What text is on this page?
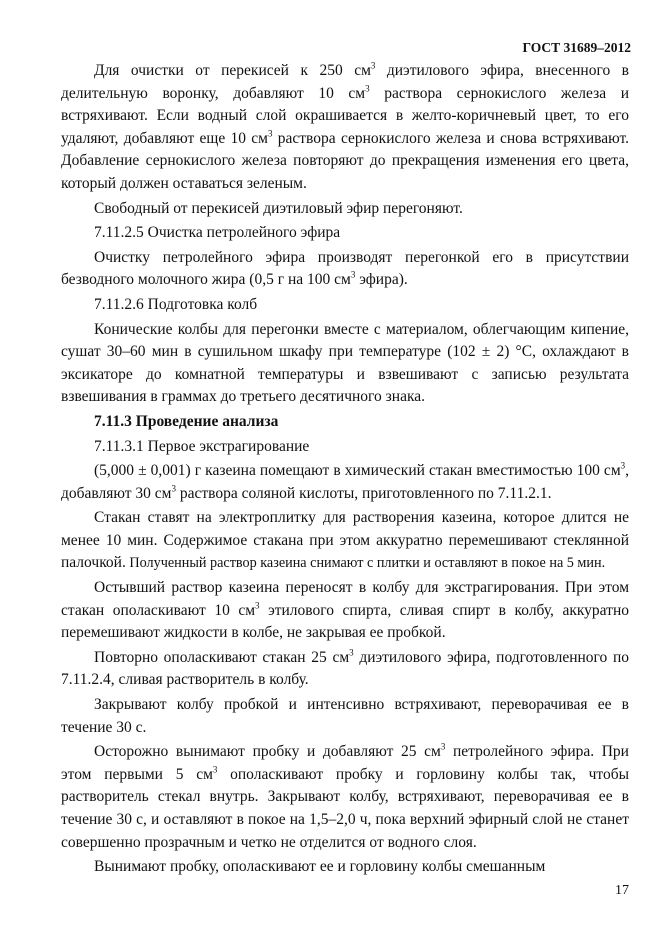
ГОСТ 31689–2012

Для очистки от перекисей к 250 $см^3$ диэтилового эфира, внесенного в делительную воронку, добавляют 10 $см^3$ раствора сернокислого железа и встряхивают. Если водный слой окрашивается в желто-коричневый цвет, то его удаляют, добавляют еще 10 $см^3$ раствора сернокислого железа и снова встряхивают. Добавление сернокислого железа повторяют до прекращения изменения его цвета, который должен оставаться зеленым.

Свободный от перекисей диэтиловый эфир перегоняют.

7.11.2.5 Очистка петролейного эфира

Очистку петролейного эфира производят перегонкой его в присутствии безводного молочного жира (0,5 г на 100 $см^3$ эфира).

7.11.2.6 Подготовка колб

Конические колбы для перегонки вместе с материалом, облегчающим кипение, сушат 30–60 мин в сушильном шкафу при температуре (102 ± 2) °С, охлаждают в эксикаторе до комнатной температуры и взвешивают с записью результата взвешивания в граммах до третьего десятичного знака.

7.11.3 Проведение анализа

7.11.3.1 Первое экстрагирование

(5,000 ± 0,001) г казеина помещают в химический стакан вместимостью 100 $см^3$, добавляют 30 $см^3$ раствора соляной кислоты, приготовленного по 7.11.2.1.

Стакан ставят на электроплитку для растворения казеина, которое длится не менее 10 мин. Содержимое стакана при этом аккуратно перемешивают стеклянной палочкой. Полученный раствор казеина снимают с плитки и оставляют в покое на 5 мин.

Остывший раствор казеина переносят в колбу для экстрагирования. При этом стакан ополаскивают 10 $см^3$ этилового спирта, сливая спирт в колбу, аккуратно перемешивают жидкости в колбе, не закрывая ее пробкой.

Повторно ополаскивают стакан 25 $см^3$ диэтилового эфира, подготовленного по 7.11.2.4, сливая растворитель в колбу.

Закрывают колбу пробкой и интенсивно встряхивают, переворачивая ее в течение 30 с.

Осторожно вынимают пробку и добавляют 25 $см^3$ петролейного эфира. При этом первыми 5 $см^3$ ополаскивают пробку и горловину колбы так, чтобы растворитель стекал внутрь. Закрывают колбу, встряхивают, переворачивая ее в течение 30 с, и оставляют в покое на 1,5–2,0 ч, пока верхний эфирный слой не станет совершенно прозрачным и четко не отделится от водного слоя.

Вынимают пробку, ополаскивают ее и горловину колбы смешанным

17
